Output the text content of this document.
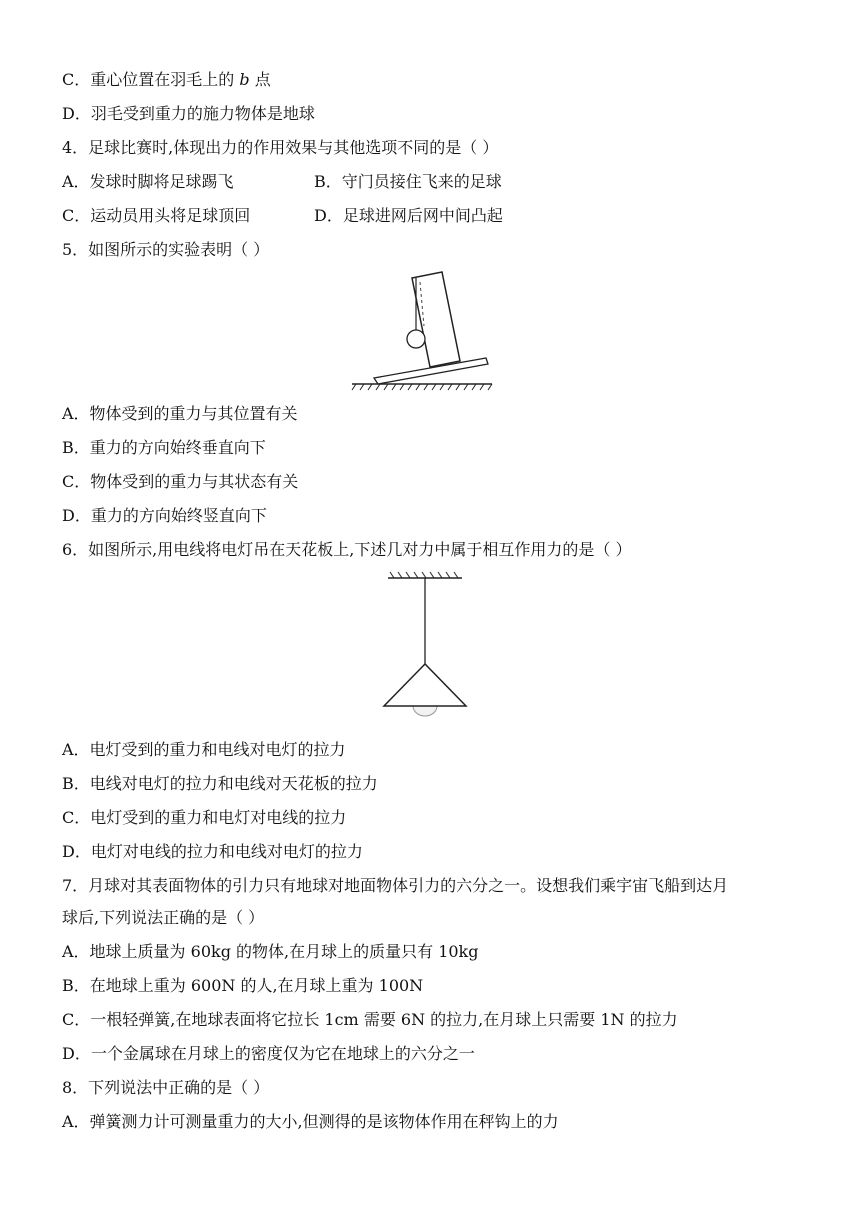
C．重心位置在羽毛上的 b 点
D．羽毛受到重力的施力物体是地球
4．足球比赛时,体现出力的作用效果与其他选项不同的是（ ）
A．发球时脚将足球踢飞	B．守门员接住飞来的足球
C．运动员用头将足球顶回	D．足球进网后网中间凸起
5．如图所示的实验表明（ ）
A．物体受到的重力与其位置有关
B．重力的方向始终垂直向下
C．物体受到的重力与其状态有关
D．重力的方向始终竖直向下
6．如图所示,用电线将电灯吊在天花板上,下述几对力中属于相互作用力的是（ ）
A．电灯受到的重力和电线对电灯的拉力
B．电线对电灯的拉力和电线对天花板的拉力
C．电灯受到的重力和电灯对电线的拉力
D．电灯对电线的拉力和电线对电灯的拉力
7．月球对其表面物体的引力只有地球对地面物体引力的六分之一。设想我们乘宇宙飞船到达月
球后,下列说法正确的是（ ）
A．地球上质量为 60kg 的物体,在月球上的质量只有 10kg
B．在地球上重为 600N 的人,在月球上重为 100N
C．一根轻弹簧,在地球表面将它拉长 1cm 需要 6N 的拉力,在月球上只需要 1N 的拉力
D．一个金属球在月球上的密度仅为它在地球上的六分之一
8．下列说法中正确的是（ ）
A．弹簧测力计可测量重力的大小,但测得的是该物体作用在秤钩上的力
